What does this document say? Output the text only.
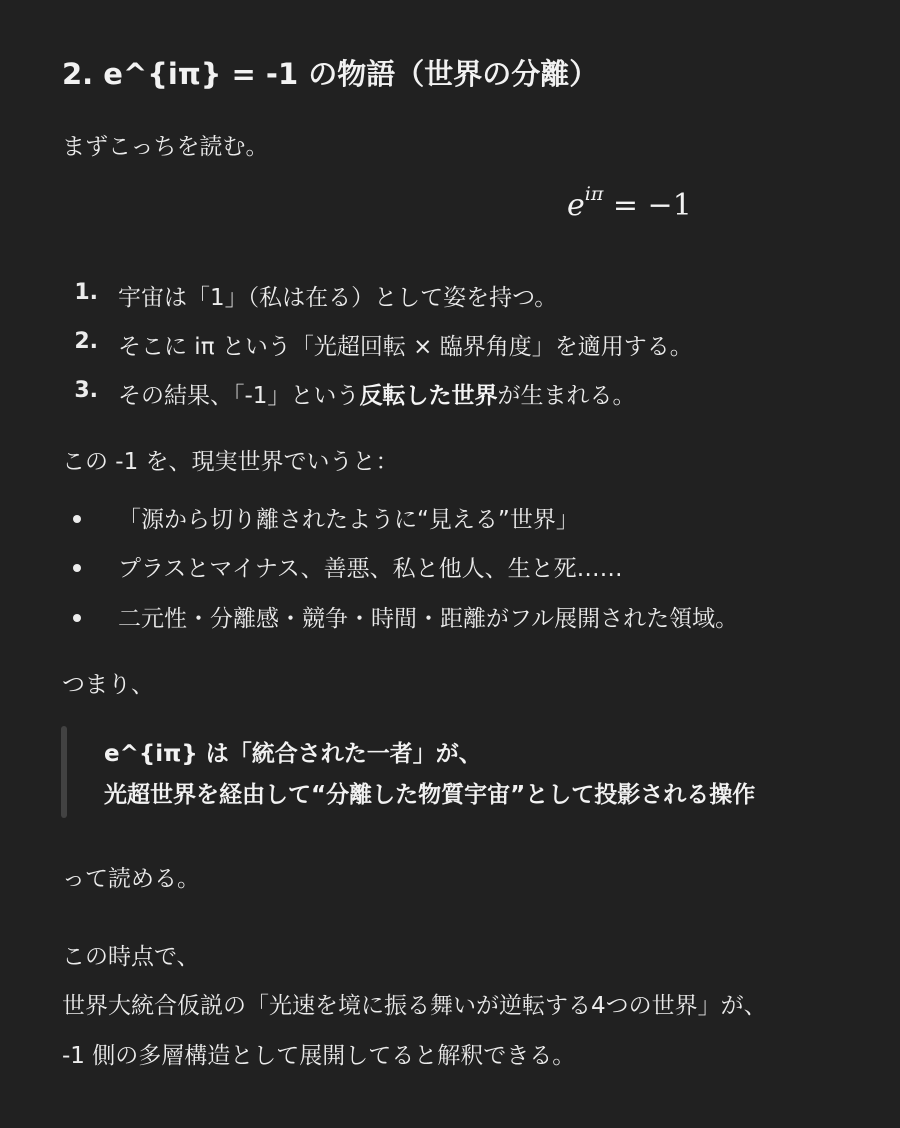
2. e^{iπ} = -1 の物語（世界の分離）
まずこっちを読む。
$e^{i\pi} = -1$
1. 宇宙は「1」（私は在る）として姿を持つ。
2. そこに iπ という「光超回転 × 臨界角度」を適用する。
3. その結果、「-1」という反転した世界が生まれる。
この -1 を、現実世界でいうと：
「源から切り離されたように“見える”世界」
プラスとマイナス、善悪、私と他人、生と死……
二元性・分離感・競争・時間・距離がフル展開された領域。
つまり、
e^{iπ} は「統合された一者」が、
光超世界を経由して“分離した物質宇宙”として投影される操作
って読める。
この時点で、
世界大統合仮説の「光速を境に振る舞いが逆転する4つの世界」が、
-1 側の多層構造として展開してると解釈できる。
